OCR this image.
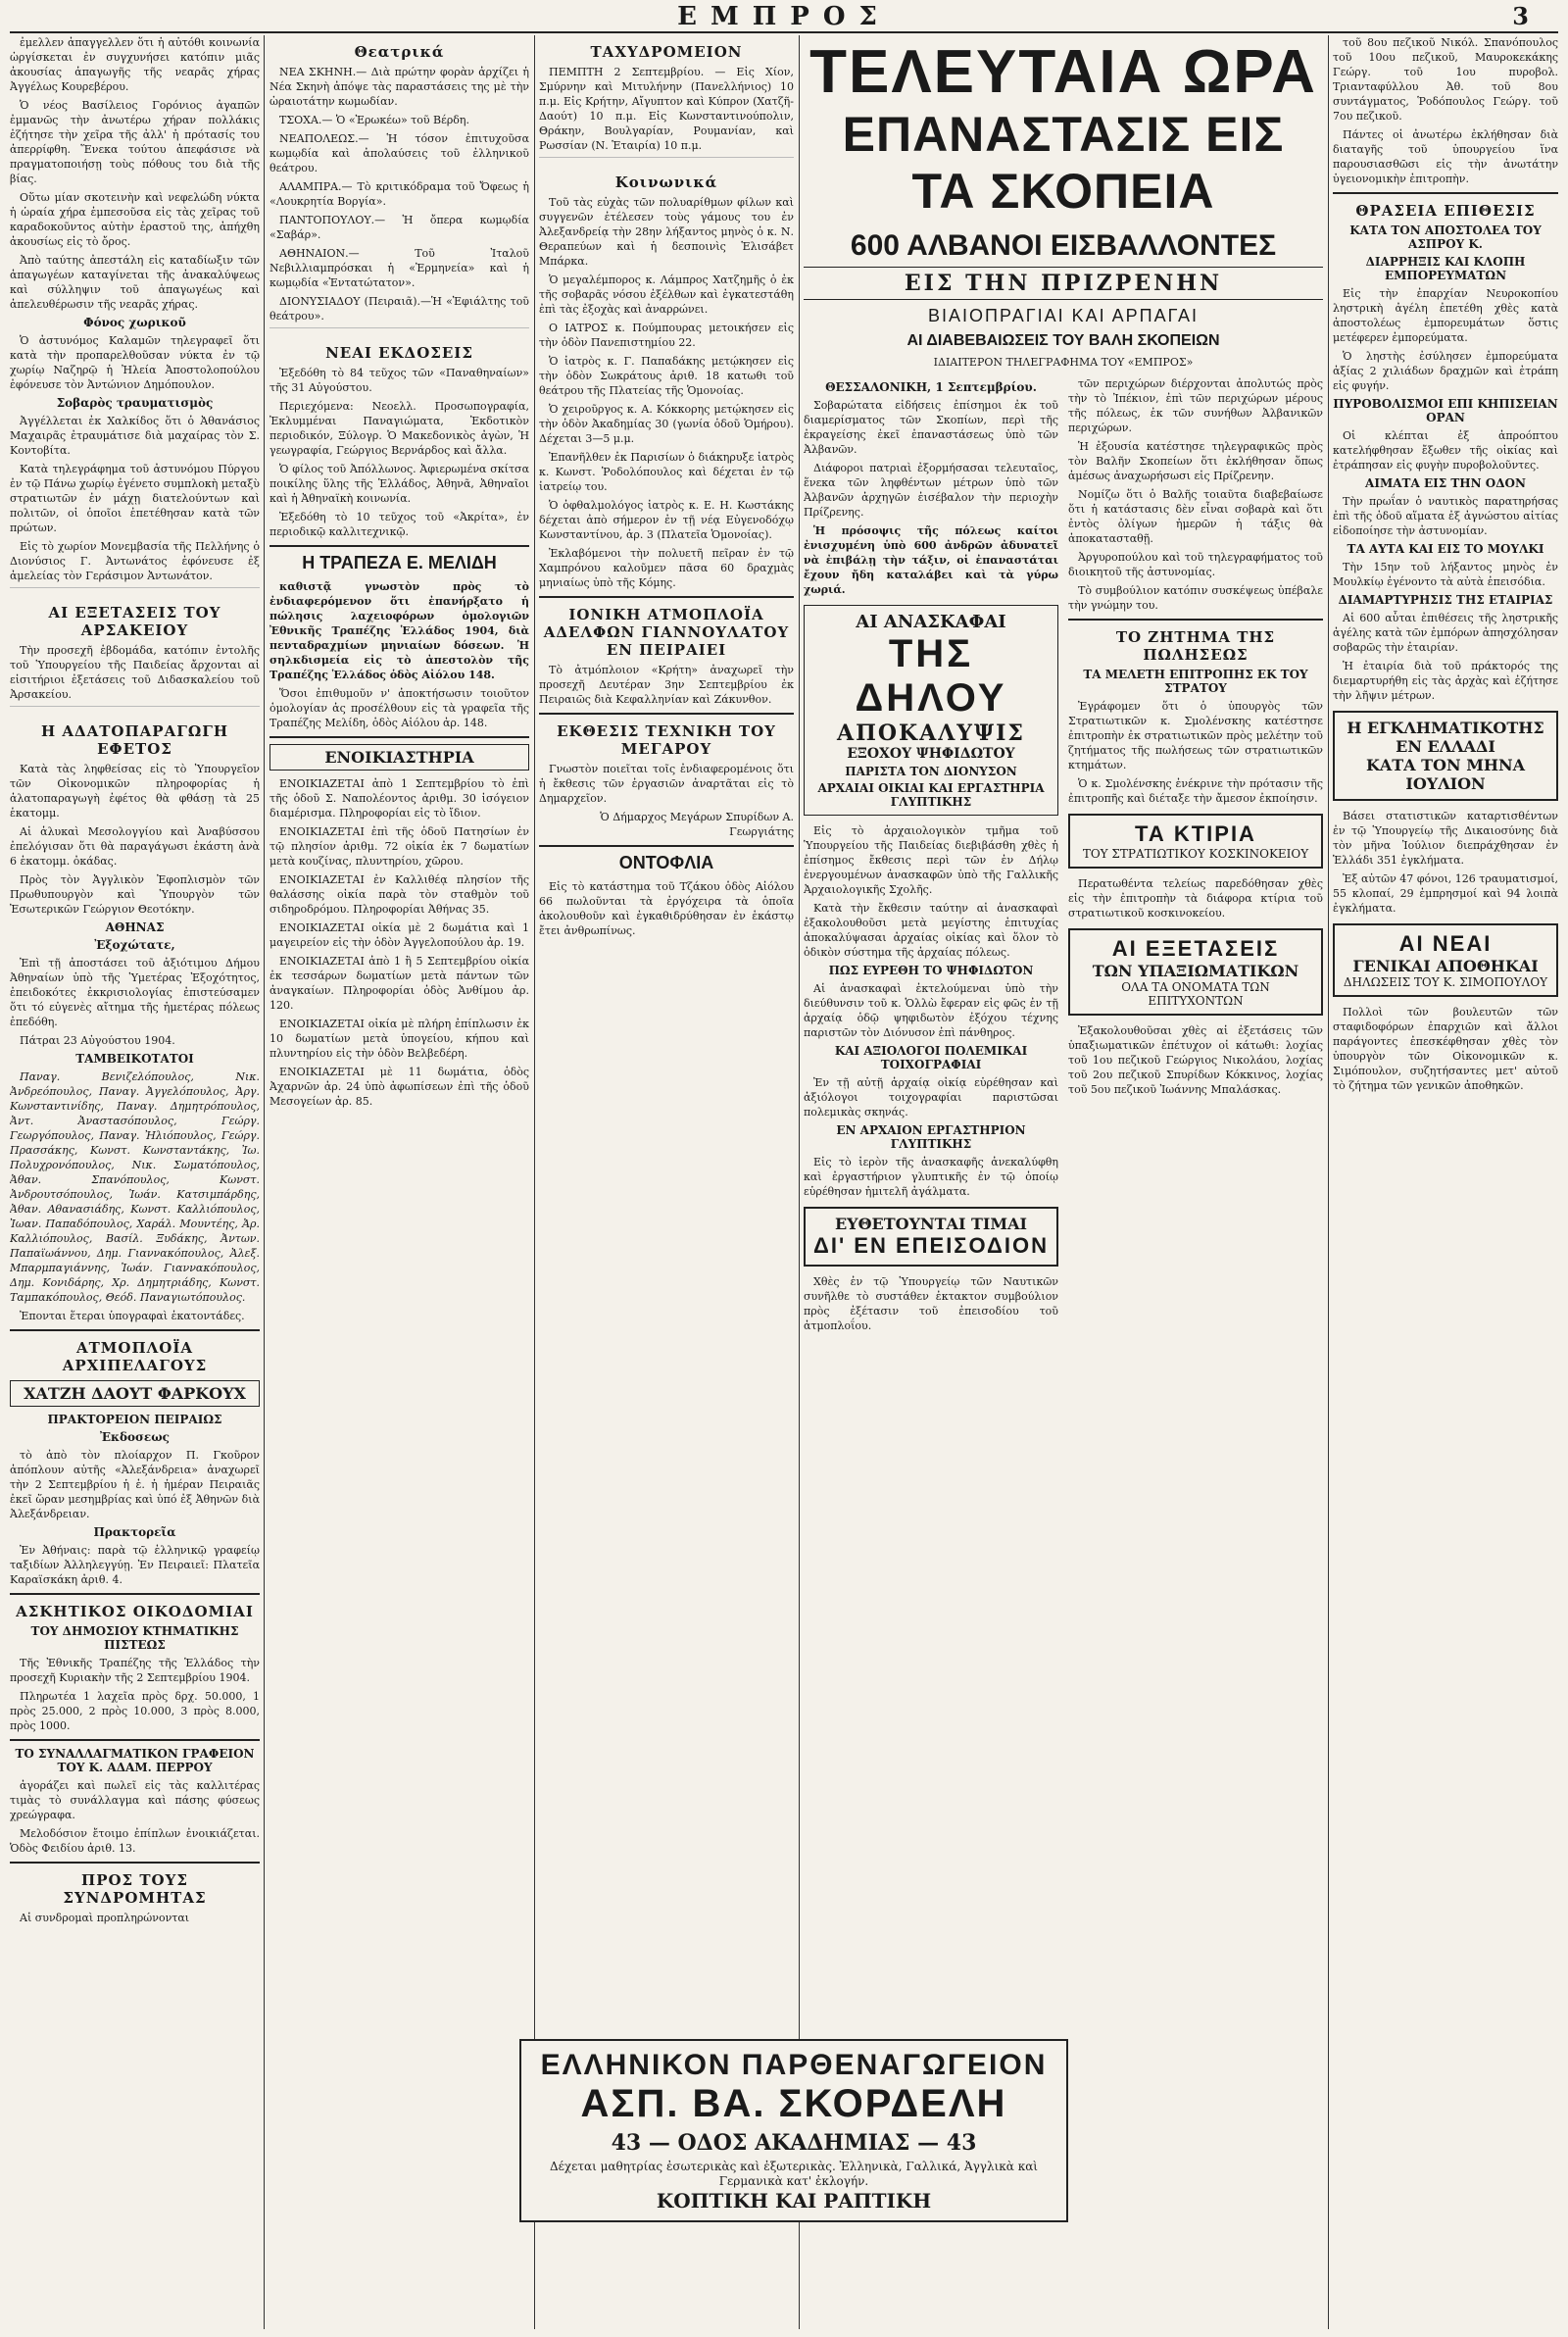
ΕΜΠΡΟΣ	3

ἐμελλεν ἀπαγγελλεν ὅτι ἡ αὐτόθι κοινωνία ὡργίσκεται ἐν συγχυνήσει κατόπιν μιᾶς ἀκουσίας ἁπαγωγῆς τῆς νεαρᾶς χήρας Ἀγγέλως Κουρεβέρου.

Ὁ νέος Βασίλειος Γορόνιος ἀγαπῶν ἐμμανῶς τὴν ἀνωτέρω χήραν πολλάκις ἐζήτησε τὴν χεῖρα τῆς ἀλλ' ἡ πρότασίς του ἀπερρίφθη. Ἕνεκα τούτου ἀπεφάσισε νὰ πραγματοποιήσῃ τοὺς πόθους του διὰ τῆς βίας.

Οὕτω μίαν σκοτεινὴν καὶ νεφελώδη νύκτα ἡ ὡραία χήρα ἐμπεσοῦσα εἰς τὰς χεῖρας τοῦ καραδοκοῦντος αὐτὴν ἐραστοῦ της, ἀπήχθη ἀκουσίως εἰς τὸ ὄρος.

Ἀπὸ ταύτης ἀπεστάλη εἰς καταδίωξιν τῶν ἁπαγωγέων καταγίνεται τῆς ἀνακαλύψεως καὶ σύλληψιν τοῦ ἁπαγωγέως καὶ ἀπελευθέρωσιν τῆς νεαρᾶς χήρας.

Φόνος χωρικοῦ

Ὁ ἀστυνόμος Καλαμῶν τηλεγραφεῖ ὅτι κατὰ τὴν προπαρελθοῦσαν νύκτα ἐν τῷ χωρίῳ Ναζηρῷ ἡ Ἠλεία Ἀποστολοπούλου ἐφόνευσε τὸν Ἀντώνιον Δημόπουλον.

Σοβαρὸς τραυματισμὸς

Ἀγγέλλεται ἐκ Χαλκίδος ὅτι ὁ Ἀθανάσιος Μαχαιρᾶς ἐτραυμάτισε διὰ μαχαίρας τὸν Σ. Κοντοβίτα.

Κατὰ τηλεγράφημα τοῦ ἀστυνόμου Πύργου ἐν τῷ Πάνω χωρίῳ ἐγένετο συμπλοκὴ μεταξὺ στρατιωτῶν ἐν μάχῃ διατελούντων καὶ πολιτῶν, οἱ ὁποῖοι ἐπετέθησαν κατὰ τῶν πρώτων.

Εἰς τὸ χωρίον Μονεμβασία τῆς Πελλήνης ὁ Διονύσιος Γ. Ἀντωνάτος ἐφόνευσε ἐξ ἀμελείας τὸν Γεράσιμον Ἀντωνάτον.

ΑΙ ΕΞΕΤΑΣΕΙΣ ΤΟΥ ΑΡΣΑΚΕΙΟΥ

Τὴν προσεχῆ ἑβδομάδα, κατόπιν ἐντολῆς τοῦ Ὑπουργείου τῆς Παιδείας ἄρχονται αἱ εἰσιτήριοι ἐξετάσεις τοῦ Διδασκαλείου τοῦ Ἀρσακείου.

Η ΑΔΑΤΟΠΑΡΑΓΩΓΗ ΕΦΕΤΟΣ

Κατὰ τὰς ληφθείσας εἰς τὸ Ὑπουργεῖον τῶν Οἰκονομικῶν πληροφορίας ἡ ἁλατοπαραγωγὴ ἐφέτος θὰ φθάσῃ τὰ 25 ἑκατομμ.

Αἱ ἁλυκαὶ Μεσολογγίου καὶ Ἀναβύσσου ἐπελόγισαν ὅτι θὰ παραγάγωσι ἑκάστη ἀνὰ 6 ἑκατομμ. ὀκάδας.

Πρὸς τὸν Ἀγγλικὸν Ἐφοπλισμὸν τῶν Πρωθυπουργὸν καὶ Ὑπουργὸν τῶν Ἐσωτερικῶν Γεώργιον Θεοτόκην.

ΑΘΗΝΑΣ
Ἐξοχώτατε,

Ἐπὶ τῇ ἀποστάσει τοῦ ἀξιότιμου Δήμου Ἀθηναίων ὑπὸ τῆς Ὑμετέρας Ἐξοχότητος, ἐπειδοκότες ἐκκρισιολογίας ἐπιστεύσαμεν ὅτι τό εὐγενὲς αἴτημα τῆς ἡμετέρας πόλεως ἐπεδόθη.

Πάτραι 23 Αὐγούστου 1904.

ΤΑΜΒΕΙΚΟΤΑΤΟΙ

Παναγ. Βενιζελόπουλος, Νικ. Ἀνδρεόπουλος, Παναγ. Ἀγγελόπουλος, Ἀργ. Κωνσταντινίδης, Παναγ. Δημητρόπουλος, Ἀντ. Ἀναστασόπουλος, Γεώργ. Γεωργόπουλος, Παναγ. Ἠλιόπουλος, Γεώργ. Πρασσάκης, Κωνστ. Κωνσταντάκης, Ἰω. Πολυχρονόπουλος, Νικ. Σωματόπουλος, Ἀθαν. Σπανόπουλος, Κωνστ. Ἀνδρουτσόπουλος, Ἰωάν. Κατσιμπάρδης, Ἀθαν. Αθανασιάδης, Κωνστ. Καλλιόπουλος, Ἰωαν. Παπαδόπουλος, Χαράλ. Μουντέης, Ἀρ. Καλλιόπουλος, Βασίλ. Ξυδάκης, Ἀντων. Παπαϊωάννου, Δημ. Γιαννακόπουλος, Ἀλεξ. Μπαρμπαγιάννης, Ἰωάν. Γιαννακόπουλος, Δημ. Κονιδάρης, Χρ. Δημητριάδης, Κωνστ. Ταμπακόπουλος, Θεόδ. Παναγιωτόπουλος.

Ἐπονται ἕτεραι ὑπογραφαὶ ἑκατοντάδες.

ΑΤΜΟΠΛΟΪΑ ΑΡΧΙΠΕΛΑΓΟΥΣ
ΧΑΤΖΗ ΔΑΟΥΤ ΦΑΡΚΟΥΧ
ΠΡΑΚΤΟΡΕΙΟΝ ΠΕΙΡΑΙΩΣ
Ἐκδοσεως

τὸ ἀπὸ τὸν πλοίαρχον Π. Γκοῦρον ἀπόπλουν αὐτῆς «Ἀλεξάνδρεια» ἀναχωρεῖ τὴν 2 Σεπτεμβρίου ἡ ἑ. ἡ ἡμέραν Πειραιᾶς ἐκεῖ ὥραν μεσημβρίας καὶ ὑπό ἐξ Ἀθηνῶν διὰ Ἀλεξάνδρειαν.

Πρακτορεῖα

Ἐν Ἀθήναις: παρὰ τῷ ἑλληνικῷ γραφείῳ ταξιδίων Ἀλληλεγγύῃ. Ἐν Πειραιεῖ: Πλατεῖα Καραϊσκάκη ἀριθ. 4.

ΑΣΚΗΤΙΚΟΣ ΟΙΚΟΔΟΜΙΑΙ
ΤΟΥ ΔΗΜΟΣΙΟΥ ΚΤΗΜΑΤΙΚΗΣ ΠΙΣΤΕΩΣ

Τῆς Ἐθνικῆς Τραπέζης τῆς Ἑλλάδος τὴν προσεχῆ Κυριακὴν τῆς 2 Σεπτεμβρίου 1904.

Πληρωτέα 1 λαχεῖα πρὸς δρχ. 50.000, 1 πρὸς 25.000, 2 πρὸς 10.000, 3 πρὸς 8.000, πρὸς 1000.

ΤΟ ΣΥΝΑΛΛΑΓΜΑΤΙΚΟΝ ΓΡΑΦΕΙΟΝ ΤΟΥ Κ. ΑΔΑΜ. ΠΕΡΡΟΥ

ἀγοράζει καὶ πωλεῖ εἰς τὰς καλλιτέρας τιμὰς τὸ συνάλλαγμα καὶ πάσης φύσεως χρεώγραφα.

Μελοδόσιον ἔτοιμο ἐπίπλων ἐνοικιάζεται. Ὁδὸς Φειδίου ἀριθ. 13.

ΠΡΟΣ ΤΟΥΣ ΣΥΝΔΡΟΜΗΤΑΣ

Αἱ συνδρομαὶ προπληρώνονται

Θεατρικά

ΝΕΑ ΣΚΗΝΗ.— Διὰ πρώτην φορὰν ἀρχίζει ἡ Νέα Σκηνὴ ἀπόψε τὰς παραστάσεις της μὲ τὴν ὡραιοτάτην κωμωδίαν.

ΤΣΟΧΑ.— Ὁ «Ἐρωκέω» τοῦ Βέρδη.

ΝΕΑΠΟΛΕΩΣ.— Ἡ τόσον ἐπιτυχοῦσα κωμῳδία καὶ ἀπολαύσεις τοῦ ἐλληνικοῦ θεάτρου.

ΑΛΑΜΠΡΑ.— Τὸ κριτικόδραμα τοῦ Ὄφεως ἡ «Λουκρητία Βοργία».

ΠΑΝΤΟΠΟΥΛΟΥ.— Ἡ ὄπερα κωμῳδία «Σαβάρ».

ΑΘΗΝΑΙΟΝ.— Τοῦ Ἰταλοῦ Νεβιλλιαμπρόσκαι ἡ «Ἐρμηνεία» καὶ ἡ κωμῳδία «Ἐντατώτατον».

ΔΙΟΝΥΣΙΑΔΟΥ (Πειραιᾶ).—Ἡ «Ἐφιάλτης τοῦ θεάτρου».

ΝΕΑΙ ΕΚΔΟΣΕΙΣ

Ἐξεδόθη τὸ 84 τεῦχος τῶν «Παναθηναίων» τῆς 31 Αὐγούστου.

Περιεχόμενα: Νεοελλ. Προσωπογραφία, Ἐκλυμμέναι Παναγιώματα, Ἐκδοτικὸν περιοδικόν, Ξύλογρ. Ὁ Μακεδονικὸς ἀγὼν, Ἡ γεωγραφία, Γεώργιος Βερνάρδος καὶ ἄλλα.

Ὁ φίλος τοῦ Ἀπόλλωνος. Ἀφιερωμένα σκίτσα ποικίλης ὕλης τῆς Ἑλλάδος, Ἀθηνᾶ, Ἀθηναῖοι καὶ ἡ Ἀθηναϊκὴ κοινωνία.

Ἐξεδόθη τὸ 10 τεῦχος τοῦ «Ἀκρίτα», ἐν περιοδικῷ καλλιτεχνικῷ.

Η ΤΡΑΠΕΖΑ Ε. ΜΕΛΙΔΗ

καθιστᾷ γνωστὸν πρὸς τὸ ἐνδιαφερόμενον ὅτι ἐπανήρξατο ἡ πώλησις λαχειοφόρων ὁμολογιῶν Ἐθνικῆς Τραπέζης Ἑλλάδος 1904, διὰ πενταδραχμίων μηνιαίων δόσεων. Ἡ σηλκδισμεία εἰς τὸ ἀπεστολὸν τῆς Τραπέζης Ἑλλάδος ὁδὸς Αἰόλου 148.

Ὅσοι ἐπιθυμοῦν ν' ἀποκτήσωσιν τοιοῦτον ὁμολογίαν ἀς προσέλθουν εἰς τὰ γραφεῖα τῆς Τραπέζης Μελίδη, ὁδὸς Αἰόλου ἀρ. 148.

ΕΝΟΙΚΙΑΣΤΗΡΙΑ

ΕΝΟΙΚΙΑΖΕΤΑΙ ἀπὸ 1 Σεπτεμβρίου τὸ ἐπὶ τῆς ὁδοῦ Σ. Ναπολέοντος ἀριθμ. 30 ἰσόγειον διαμέρισμα. Πληροφορίαι εἰς τὸ ἴδιον.

ΕΝΟΙΚΙΑΖΕΤΑΙ ἐπὶ τῆς ὁδοῦ Πατησίων ἐν τῷ πλησίον ἀριθμ. 72 οἰκία ἐκ 7 δωματίων μετὰ κουζίνας, πλυντηρίου, χῶρου.

ΕΝΟΙΚΙΑΖΕΤΑΙ ἐν Καλλιθέᾳ πλησίον τῆς θαλάσσης οἰκία παρὰ τὸν σταθμὸν τοῦ σιδηροδρόμου. Πληροφορίαι Ἀθήνας 35.

ΕΝΟΙΚΙΑΖΕΤΑΙ οἰκία μὲ 2 δωμάτια καὶ 1 μαγειρείον εἰς τὴν ὁδὸν Ἀγγελοπούλου ἀρ. 19.

ΕΝΟΙΚΙΑΖΕΤΑΙ ἀπὸ 1 ἢ 5 Σεπτεμβρίου οἰκία ἐκ τεσσάρων δωματίων μετὰ πάντων τῶν ἀναγκαίων. Πληροφορίαι ὁδὸς Ἀνθίμου ἀρ. 120.

ΕΝΟΙΚΙΑΖΕΤΑΙ οἰκία μὲ πλήρη ἐπίπλωσιν ἐκ 10 δωματίων μετὰ ὑπογείου, κήπου καὶ πλυντηρίου εἰς τὴν ὁδὸν Βελβεδέρη.

ΕΝΟΙΚΙΑΖΕΤΑΙ μὲ 11 δωμάτια, ὁδὸς Ἀχαρνῶν ἀρ. 24 ὑπὸ ἀφωπίσεων ἐπὶ τῆς ὁδοῦ Μεσογείων ἀρ. 85.

ΤΑΧΥΔΡΟΜΕΙΟΝ

ΠΕΜΠΤΗ 2 Σεπτεμβρίου. — Εἰς Χίον, Σμύρνην καὶ Μιτυλήνην (Πανελλήνιος) 10 π.μ. Εἰς Κρήτην, Αἴγυπτον καὶ Κύπρον (Χατζῆ-Δαούτ) 10 π.μ. Εἰς Κωνσταντινούπολιν, Θράκην, Βουλγαρίαν, Ρουμανίαν, καὶ Ρωσσίαν (Ν. Ἑταιρία) 10 π.μ.

Κοινωνικά

Τοῦ τὰς εὐχὰς τῶν πολυαρίθμων φίλων καὶ συγγενῶν ἐτέλεσεν τοὺς γάμους του ἐν Ἀλεξανδρείᾳ τὴν 28ην λήξαντος μηνὸς ὁ κ. Ν. Θεραπεύων καὶ ἡ δεσποινὶς Ἑλισάβετ Μπάρκα.

Ὁ μεγαλέμπορος κ. Λάμπρος Χατζημῆς ὁ ἐκ τῆς σοβαρᾶς νόσου ἐξέλθων καὶ ἐγκατεστάθη ἐπὶ τὰς ἐξοχὰς καὶ ἀναρρώνει.

Ο ΙΑΤΡΟΣ κ. Πούμπουρας μετοικήσεν εἰς τὴν ὁδὸν Πανεπιστημίου 22.

Ὁ ἰατρὸς κ. Γ. Παπαδάκης μετῴκησεν εἰς τὴν ὁδὸν Σωκράτους ἀριθ. 18 κατωθι τοῦ θεάτρου τῆς Πλατείας τῆς Ὁμονοίας.

Ὁ χειροῦργος κ. Α. Κόκκορης μετῴκησεν εἰς τὴν ὁδὸν Ἀκαδημίας 30 (γωνία ὁδοῦ Ὁμήρου). Δέχεται 3—5 μ.μ.

Ἐπανῆλθεν ἐκ Παρισίων ὁ διάκηρυξε ἰατρὸς κ. Κωνστ. Ῥοδολόπουλος καὶ δέχεται ἐν τῷ ἰατρείῳ του.

Ὁ ὀφθαλμολόγος ἰατρὸς κ. Ε. Η. Κωστάκης δέχεται ἀπὸ σήμερον ἐν τῇ νέᾳ Εὐγενοδόχῳ Κωνσταντίνου, ἀρ. 3 (Πλατεῖα Ὁμονοίας).

Ἐκλαβόμενοι τὴν πολυετῆ πεῖραν ἐν τῷ Χαμπρόνου καλοῦμεν πᾶσα 60 δραχμὰς μηνιαίως ὑπὸ τῆς Κόμης.

ΙΟΝΙΚΗ ΑΤΜΟΠΛΟΪΑ ΑΔΕΛΦΩΝ ΓΙΑΝΝΟΥΛΑΤΟΥ ΕΝ ΠΕΙΡΑΙΕΙ

Τὸ ἀτμόπλοιον «Κρήτη» ἀναχωρεῖ τὴν προσεχῆ Δευτέραν 3ην Σεπτεμβρίου ἐκ Πειραιῶς διὰ Κεφαλληνίαν καὶ Ζάκυνθον.

ΕΚΘΕΣΙΣ ΤΕΧΝΙΚΗ ΤΟΥ ΜΕΓΑΡΟΥ

Γνωστὸν ποιεῖται τοῖς ἐνδιαφερομένοις ὅτι ἡ ἔκθεσις τῶν ἐργασιῶν ἀναρτᾶται εἰς τὸ Δημαρχεῖον.

Ὁ Δήμαρχος Μεγάρων Σπυρίδων Α. Γεωργιάτης

ΟΝΤΟΦΛΙΑ

Εἰς τὸ κατάστημα τοῦ Τζάκου ὁδὸς Αἰόλου 66 πωλοῦνται τὰ ἐργόχειρα τὰ ὁποῖα ἀκολουθοῦν καὶ ἐγκαθιδρύθησαν ἐν ἑκάστῳ ἔτει ἀνθρωπίνως.

ΤΕΛΕΥΤΑΙΑ ΩΡΑ
ΕΠΑΝΑΣΤΑΣΙΣ ΕΙΣ ΤΑ ΣΚΟΠΕΙΑ
600 ΑΛΒΑΝΟΙ ΕΙΣΒΑΛΛΟΝΤΕΣ
ΕΙΣ ΤΗΝ ΠΡΙΖΡΕΝΗΝ
ΒΙΑΙΟΠΡΑΓΙΑΙ ΚΑΙ ΑΡΠΑΓΑΙ
ΑΙ ΔΙΑΒΕΒΑΙΩΣΕΙΣ ΤΟΥ ΒΑΛΗ ΣΚΟΠΕΙΩΝ
ΙΔΙΑΙΤΕΡΟΝ ΤΗΛΕΓΡΑΦΗΜΑ ΤΟΥ «ΕΜΠΡΟΣ»
ΘΕΣΣΑΛΟΝΙΚΗ, 1 Σεπτεμβρίου.

Σοβαρώτατα εἰδήσεις ἐπίσημοι ἐκ τοῦ διαμερίσματος τῶν Σκοπίων, περὶ τῆς ἐκραγείσης ἐκεῖ ἐπαναστάσεως ὑπὸ τῶν Ἀλβανῶν.

Διάφοροι πατριαὶ ἐξορμήσασαι τελευταῖος, ἕνεκα τῶν ληφθέντων μέτρων ὑπὸ τῶν Ἀλβανῶν ἀρχηγῶν ἐισέβαλον τὴν περιοχὴν Πρίζρενης.

Ἡ πρόσοψις τῆς πόλεως καίτοι ἐνισχυμένη ὑπὸ 600 ἀνδρῶν ἀδυνατεῖ νὰ ἐπιβάλῃ τὴν τάξιν, οἱ ἐπαναστάται ἔχουν ἤδη καταλάβει καὶ τὰ γύρω χωριά.

ΑΙ ΑΝΑΣΚΑΦΑΙ
ΤΗΣ ΔΗΛΟΥ
ΑΠΟΚΑΛΥΨΙΣ
ΕΞΟΧΟΥ ΨΗΦΙΔΩΤΟΥ
ΠΑΡΙΣΤΑ ΤΟΝ ΔΙΟΝΥΣΟΝ
ΑΡΧΑΙΑΙ ΟΙΚΙΑΙ ΚΑΙ ΕΡΓΑΣΤΗΡΙΑ ΓΛΥΠΤΙΚΗΣ

Εἰς τὸ ἀρχαιολογικὸν τμῆμα τοῦ Ὑπουργείου τῆς Παιδείας διεβιβάσθη χθὲς ἡ ἐπίσημος ἔκθεσις περὶ τῶν ἐν Δήλῳ ἐνεργουμένων ἀνασκαφῶν ὑπὸ τῆς Γαλλικῆς Ἀρχαιολογικῆς Σχολῆς.

Κατὰ τὴν ἔκθεσιν ταύτην αἱ ἀνασκαφαὶ ἐξακολουθοῦσι μετὰ μεγίστης ἐπιτυχίας ἀποκαλύψασαι ἀρχαίας οἰκίας καὶ ὅλον τὸ ὁδικὸν σύστημα τῆς ἀρχαίας πόλεως.

ΠΩΣ ΕΥΡΕΘΗ ΤΟ ΨΗΦΙΔΩΤΟΝ

Αἱ ἀνασκαφαὶ ἐκτελούμεναι ὑπὸ τὴν διεύθυνσιν τοῦ κ. Ὁλλὼ ἔφεραν εἰς φῶς ἐν τῇ ἀρχαίᾳ ὁδῷ ψηφιδωτὸν ἐξόχου τέχνης παριστῶν τὸν Διόνυσον ἐπὶ πάνθηρος.

ΚΑΙ ΑΞΙΟΛΟΓΟΙ ΠΟΛΕΜΙΚΑΙ ΤΟΙΧΟΓΡΑΦΙΑΙ

Ἐν τῇ αὐτῇ ἀρχαίᾳ οἰκίᾳ εὑρέθησαν καὶ ἀξιόλογοι τοιχογραφίαι παριστῶσαι πολεμικὰς σκηνάς.

ΕΝ ΑΡΧΑΙΟΝ ΕΡΓΑΣΤΗΡΙΟΝ ΓΛΥΠΤΙΚΗΣ

Εἰς τὸ ἱερὸν τῆς ἀνασκαφῆς ἀνεκαλύφθη καὶ ἐργαστήριον γλυπτικῆς ἐν τῷ ὁποίῳ εὑρέθησαν ἡμιτελῆ ἀγάλματα.

ΕΥΘΕΤΟΥΝΤΑΙ ΤΙΜΑΙ
ΔΙ' ΕΝ ΕΠΕΙΣΟΔΙΟΝ

Χθὲς ἐν τῷ Ὑπουργείῳ τῶν Ναυτικῶν συνῆλθε τὸ συστάθεν ἐκτακτον συμβούλιον πρὸς ἐξέτασιν τοῦ ἐπεισοδίου τοῦ ἀτμοπλοΐου.

τῶν περιχώρων διέρχονται ἀπολυτώς πρὸς τὴν τὸ Ἰπέκιον, ἐπὶ τῶν περιχώρων μέρους τῆς πόλεως, ἐκ τῶν συνήθων Ἀλβανικῶν περιχώρων.

Ἡ ἐξουσία κατέστησε τηλεγραφικῶς πρὸς τὸν Βαλῆν Σκοπείων ὅτι ἐκλήθησαν ὅπως ἀμέσως ἀναχωρήσωσι εἰς Πρίζρενην.

Νομίζω ὅτι ὁ Βαλῆς τοιαῦτα διαβεβαίωσε ὅτι ἡ κατάστασις δὲν εἶναι σοβαρὰ καὶ ὅτι ἐντὸς ὀλίγων ἡμερῶν ἡ τάξις θὰ ἀποκατασταθῇ.

Ἀργυροπούλου καὶ τοῦ τηλεγραφήματος τοῦ διοικητοῦ τῆς ἀστυνομίας.

Τὸ συμβούλιον κατόπιν συσκέψεως ὑπέβαλε τὴν γνώμην του.

ΤΟ ΖΗΤΗΜΑ ΤΗΣ ΠΩΛΗΣΕΩΣ
ΤΑ ΜΕΛΕΤΗ ΕΠΙΤΡΟΠΗΣ ΕΚ ΤΟΥ ΣΤΡΑΤΟΥ

Ἐγράφομεν ὅτι ὁ ὑπουργὸς τῶν Στρατιωτικῶν κ. Σμολένσκης κατέστησε ἐπιτροπὴν ἐκ στρατιωτικῶν πρὸς μελέτην τοῦ ζητήματος τῆς πωλήσεως τῶν στρατιωτικῶν κτημάτων.

Ὁ κ. Σμολένσκης ἐνέκρινε τὴν πρότασιν τῆς ἐπιτροπῆς καὶ διέταξε τὴν ἄμεσον ἐκποίησιν.

ΤΑ ΚΤΙΡΙΑ
ΤΟΥ ΣΤΡΑΤΙΩΤΙΚΟΥ ΚΟΣΚΙΝΟΚΕΙΟΥ

Περατωθέντα τελείως παρεδόθησαν χθὲς εἰς τὴν ἐπιτροπὴν τὰ διάφορα κτίρια τοῦ στρατιωτικοῦ κοσκινοκείου.

ΑΙ ΕΞΕΤΑΣΕΙΣ
ΤΩΝ ΥΠΑΞΙΩΜΑΤΙΚΩΝ
ΟΛΑ ΤΑ ΟΝΟΜΑΤΑ ΤΩΝ ΕΠΙΤΥΧΟΝΤΩΝ

Ἐξακολουθοῦσαι χθὲς αἱ ἐξετάσεις τῶν ὑπαξιωματικῶν ἐπέτυχον οἱ κάτωθι: λοχίας τοῦ 1ου πεζικοῦ Γεώργιος Νικολάου, λοχίας τοῦ 2ου πεζικοῦ Σπυρίδων Κόκκινος, λοχίας τοῦ 5ου πεζικοῦ Ἰωάννης Μπαλάσκας.

τοῦ 8ου πεζικοῦ Νικόλ. Σπανόπουλος τοῦ 10ου πεζικοῦ, Μαυροκεκάκης Γεώργ. τοῦ 1ου πυροβολ. Τριανταφύλλου Ἀθ. τοῦ 8ου συντάγματος, Ῥοδόπουλος Γεώργ. τοῦ 7ου πεζικοῦ.

Πάντες οἱ ἀνωτέρω ἐκλήθησαν διὰ διαταγῆς τοῦ ὑπουργείου ἵνα παρουσιασθῶσι εἰς τὴν ἀνωτάτην ὑγειονομικὴν ἐπιτροπὴν.

ΘΡΑΣΕΙΑ ΕΠΙΘΕΣΙΣ
ΚΑΤΑ ΤΟΝ ΑΠΟΣΤΟΛΕΑ ΤΟΥ ΑΣΠΡΟΥ Κ.
ΔΙΑΡΡΗΞΙΣ ΚΑΙ ΚΛΟΠΗ ΕΜΠΟΡΕΥΜΑΤΩΝ

Εἰς τὴν ἐπαρχίαν Νευροκοπίου ληστρικὴ ἀγέλη ἐπετέθη χθὲς κατὰ ἀποστολέως ἐμπορευμάτων ὅστις μετέφερεν ἐμπορεύματα.

Ὁ ληστὴς ἐσύλησεν ἐμπορεύματα ἀξίας 2 χιλιάδων δραχμῶν καὶ ἐτράπη εἰς φυγήν.

ΠΥΡΟΒΟΛΙΣΜΟΙ ΕΠΙ ΚΗΠΙΣΕΙΑΝ ΟΡΑΝ

Οἱ κλέπται ἐξ ἀπροόπτου κατελήφθησαν ἔξωθεν τῆς οἰκίας καὶ ἐτράπησαν εἰς φυγὴν πυροβολοῦντες.

ΑΙΜΑΤΑ ΕΙΣ ΤΗΝ ΟΔΟΝ

Τὴν πρωΐαν ὁ ναυτικὸς παρατηρήσας ἐπὶ τῆς ὁδοῦ αἵματα ἐξ ἀγνώστου αἰτίας εἰδοποίησε τὴν ἀστυνομίαν.

ΤΑ ΑΥΤΑ ΚΑΙ ΕΙΣ ΤΟ ΜΟΥΛΚΙ

Τὴν 15ην τοῦ λήξαντος μηνὸς ἐν Μουλκίῳ ἐγένοντο τὰ αὐτὰ ἐπεισόδια.

ΔΙΑΜΑΡΤΥΡΗΣΙΣ ΤΗΣ ΕΤΑΙΡΙΑΣ

Αἱ 600 αὗται ἐπιθέσεις τῆς ληστρικῆς ἀγέλης κατὰ τῶν ἐμπόρων ἀπησχόλησαν σοβαρῶς τὴν ἐταιρίαν.

Ἡ ἐταιρία διὰ τοῦ πράκτορός της διεμαρτυρήθη εἰς τὰς ἀρχὰς καὶ ἐζήτησε τὴν λῆψιν μέτρων.

Η ΕΓΚΛΗΜΑΤΙΚΟΤΗΣ ΕΝ ΕΛΛΑΔΙ
ΚΑΤΑ ΤΟΝ ΜΗΝΑ ΙΟΥΛΙΟΝ

Βάσει στατιστικῶν καταρτισθέντων ἐν τῷ Ὑπουργείῳ τῆς Δικαιοσύνης διὰ τὸν μῆνα Ἰούλιον διεπράχθησαν ἐν Ἑλλάδι 351 ἐγκλήματα.

Ἐξ αὐτῶν 47 φόνοι, 126 τραυματισμοί, 55 κλοπαί, 29 ἐμπρησμοί καὶ 94 λοιπὰ ἐγκλήματα.

ΑΙ ΝΕΑΙ
ΓΕΝΙΚΑΙ ΑΠΟΘΗΚΑΙ
ΔΗΛΩΣΕΙΣ ΤΟΥ Κ. ΣΙΜΟΠΟΥΛΟΥ

Πολλοὶ τῶν βουλευτῶν τῶν σταφιδοφόρων ἐπαρχιῶν καὶ ἄλλοι παράγοντες ἐπεσκέφθησαν χθὲς τὸν ὑπουργὸν τῶν Οἰκονομικῶν κ. Σιμόπουλον, συζητήσαντες μετ' αὐτοῦ τὸ ζήτημα τῶν γενικῶν ἀποθηκῶν.

ΕΛΛΗΝΙΚΟΝ ΠΑΡΘΕΝΑΓΩΓΕΙΟΝ
ΑΣΠ. ΒΑ. ΣΚΟΡΔΕΛΗ
43 — ΟΔΟΣ ΑΚΑΔΗΜΙΑΣ — 43
Δέχεται μαθητρίας ἐσωτερικὰς καὶ ἐξωτερικὰς. Ἑλληνικὰ, Γαλλικά, Ἀγγλικὰ καὶ Γερμανικὰ κατ' ἐκλογήν.
ΚΟΠΤΙΚΗ ΚΑΙ ΡΑΠΤΙΚΗ
